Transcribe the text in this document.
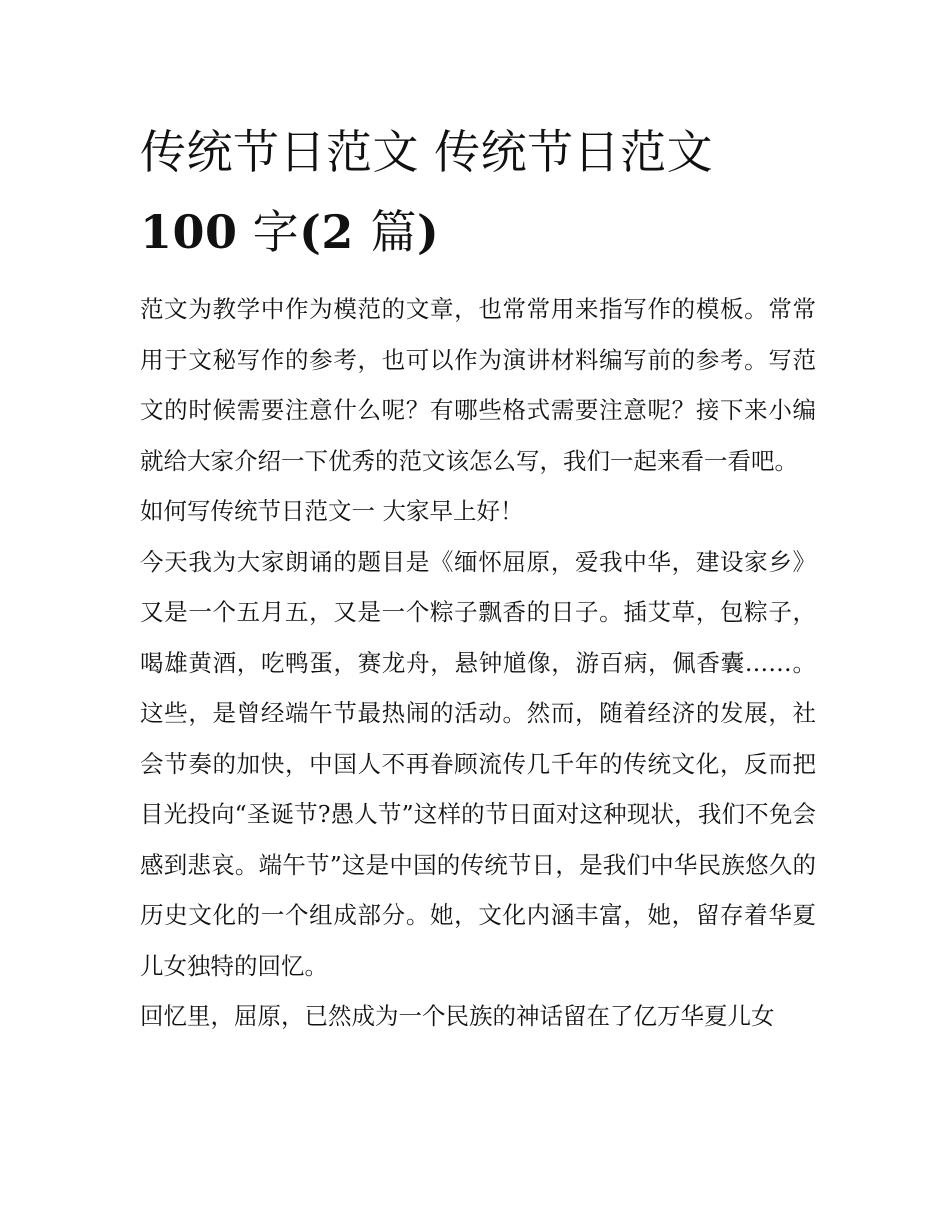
传统节日范文 传统节日范文
100 字(2 篇)

范文为教学中作为模范的文章，也常常用来指写作的模板。常常用于文秘写作的参考，也可以作为演讲材料编写前的参考。写范文的时候需要注意什么呢？有哪些格式需要注意呢？接下来小编就给大家介绍一下优秀的范文该怎么写，我们一起来看一看吧。

如何写传统节日范文一 大家早上好！

今天我为大家朗诵的题目是《缅怀屈原，爱我中华，建设家乡》又是一个五月五，又是一个粽子飘香的日子。插艾草，包粽子，喝雄黄酒，吃鸭蛋，赛龙舟，悬钟馗像，游百病，佩香囊……。这些，是曾经端午节最热闹的活动。然而，随着经济的发展，社会节奏的加快，中国人不再眷顾流传几千年的传统文化，反而把目光投向“圣诞节?愚人节”这样的节日面对这种现状，我们不免会感到悲哀。端午节”这是中国的传统节日，是我们中华民族悠久的历史文化的一个组成部分。她，文化内涵丰富，她，留存着华夏儿女独特的回忆。

回忆里，屈原，已然成为一个民族的神话留在了亿万华夏儿女
